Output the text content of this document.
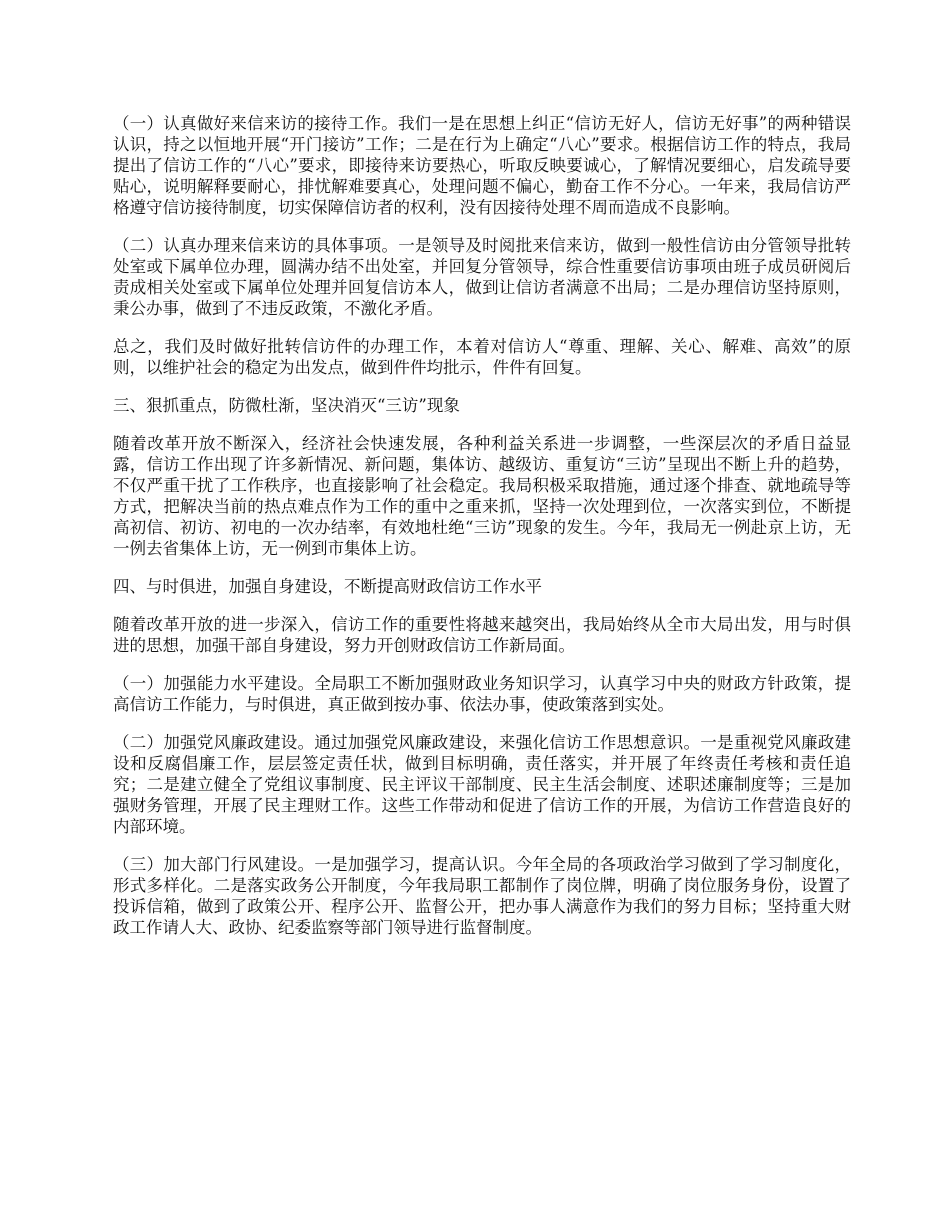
（一）认真做好来信来访的接待工作。我们一是在思想上纠正“信访无好人，信访无好事”的两种错误认识，持之以恒地开展“开门接访”工作；二是在行为上确定“八心”要求。根据信访工作的特点，我局提出了信访工作的“八心”要求，即接待来访要热心，听取反映要诚心，了解情况要细心，启发疏导要贴心，说明解释要耐心，排忧解难要真心，处理问题不偏心，勤奋工作不分心。一年来，我局信访严格遵守信访接待制度，切实保障信访者的权利，没有因接待处理不周而造成不良影响。

（二）认真办理来信来访的具体事项。一是领导及时阅批来信来访，做到一般性信访由分管领导批转处室或下属单位办理，圆满办结不出处室，并回复分管领导，综合性重要信访事项由班子成员研阅后责成相关处室或下属单位处理并回复信访本人，做到让信访者满意不出局；二是办理信访坚持原则，秉公办事，做到了不违反政策，不激化矛盾。

总之，我们及时做好批转信访件的办理工作，本着对信访人“尊重、理解、关心、解难、高效”的原则，以维护社会的稳定为出发点，做到件件均批示，件件有回复。

三、狠抓重点，防微杜渐，坚决消灭“三访”现象

随着改革开放不断深入，经济社会快速发展，各种利益关系进一步调整，一些深层次的矛盾日益显露，信访工作出现了许多新情况、新问题，集体访、越级访、重复访“三访”呈现出不断上升的趋势，不仅严重干扰了工作秩序，也直接影响了社会稳定。我局积极采取措施，通过逐个排查、就地疏导等方式，把解决当前的热点难点作为工作的重中之重来抓，坚持一次处理到位，一次落实到位，不断提高初信、初访、初电的一次办结率，有效地杜绝“三访”现象的发生。今年，我局无一例赴京上访，无一例去省集体上访，无一例到市集体上访。

四、与时俱进，加强自身建设，不断提高财政信访工作水平

随着改革开放的进一步深入，信访工作的重要性将越来越突出，我局始终从全市大局出发，用与时俱进的思想，加强干部自身建设，努力开创财政信访工作新局面。

（一）加强能力水平建设。全局职工不断加强财政业务知识学习，认真学习中央的财政方针政策，提高信访工作能力，与时俱进，真正做到按办事、依法办事，使政策落到实处。

（二）加强党风廉政建设。通过加强党风廉政建设，来强化信访工作思想意识。一是重视党风廉政建设和反腐倡廉工作，层层签定责任状，做到目标明确，责任落实，并开展了年终责任考核和责任追究；二是建立健全了党组议事制度、民主评议干部制度、民主生活会制度、述职述廉制度等；三是加强财务管理，开展了民主理财工作。这些工作带动和促进了信访工作的开展，为信访工作营造良好的内部环境。

（三）加大部门行风建设。一是加强学习，提高认识。今年全局的各项政治学习做到了学习制度化，形式多样化。二是落实政务公开制度，今年我局职工都制作了岗位牌，明确了岗位服务身份，设置了投诉信箱，做到了政策公开、程序公开、监督公开，把办事人满意作为我们的努力目标；坚持重大财政工作请人大、政协、纪委监察等部门领导进行监督制度。
